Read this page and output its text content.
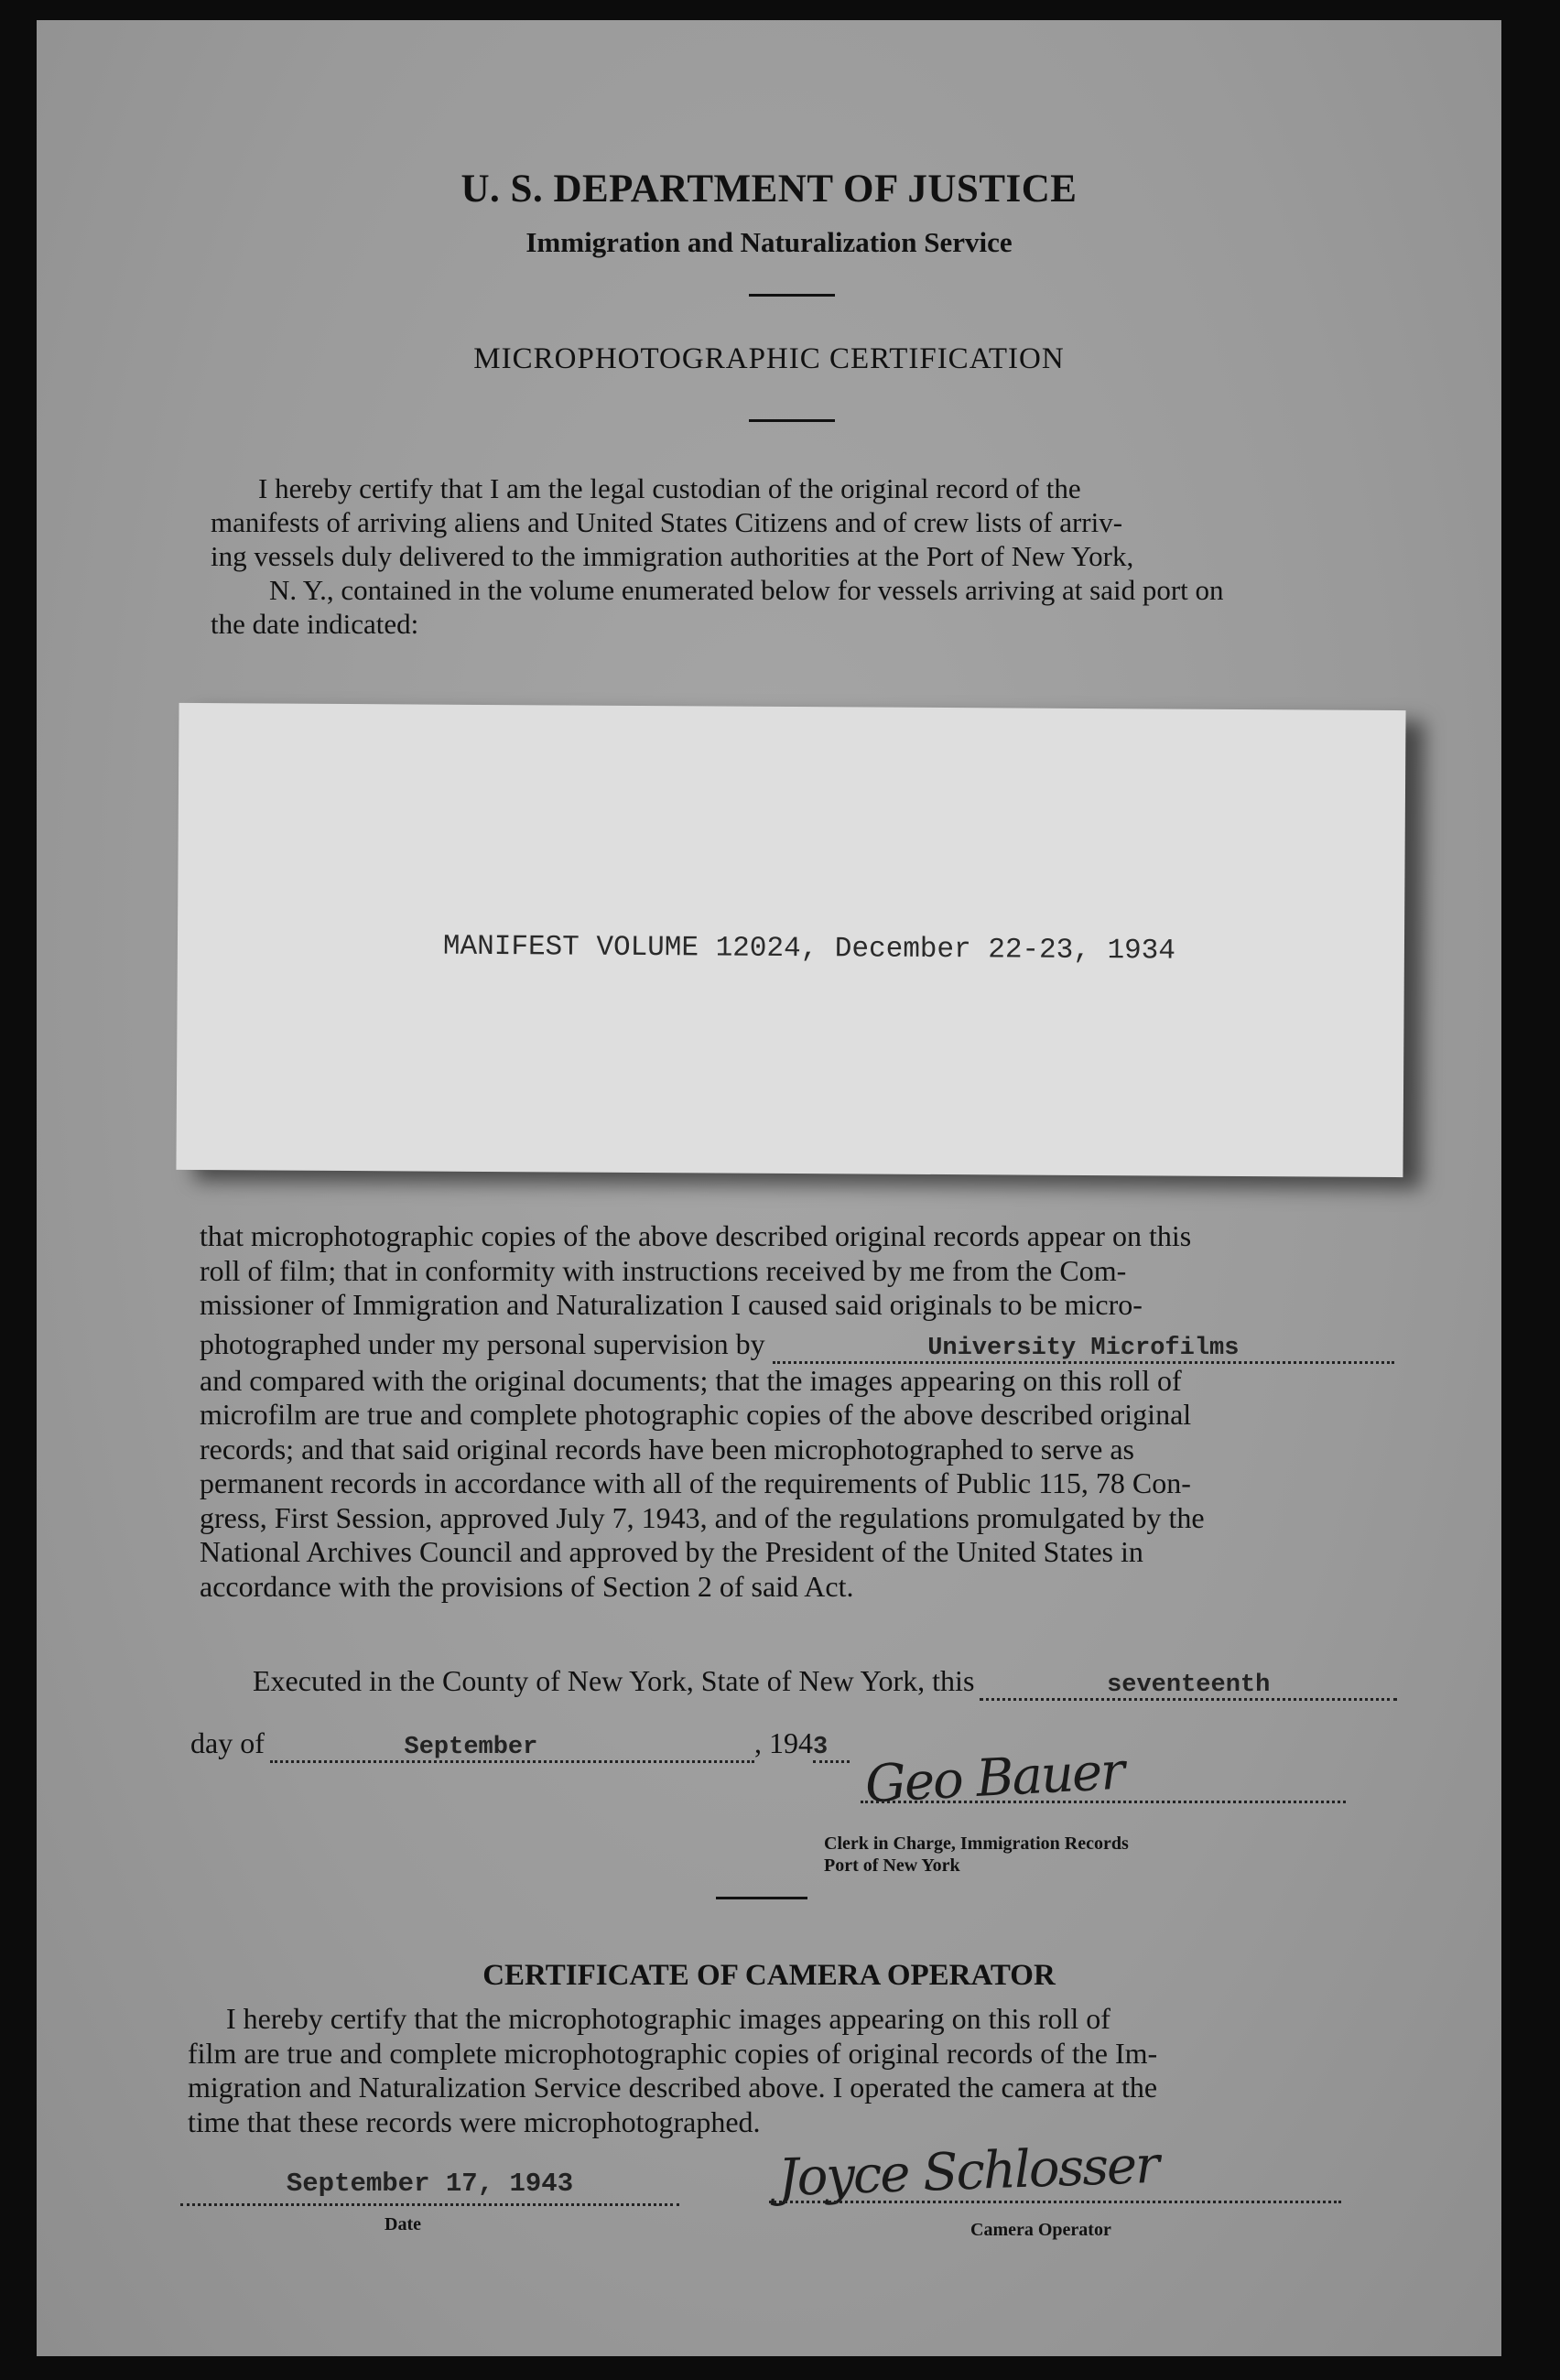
U. S. DEPARTMENT OF JUSTICE
Immigration and Naturalization Service
MICROPHOTOGRAPHIC CERTIFICATION
I hereby certify that I am the legal custodian of the original record of the
manifests of arriving aliens and United States Citizens and of crew lists of arriv-
ing vessels duly delivered to the immigration authorities at the Port of New York,
N. Y., contained in the volume enumerated below for vessels arriving at said port on
the date indicated:
MANIFEST VOLUME 12024, December 22-23, 1934
that microphotographic copies of the above described original records appear on this
roll of film; that in conformity with instructions received by me from the Com-
missioner of Immigration and Naturalization I caused said originals to be micro-
photographed under my personal supervision by	University Microfilms
and compared with the original documents; that the images appearing on this roll of
microfilm are true and complete photographic copies of the above described original
records; and that said original records have been microphotographed to serve as
permanent records in accordance with all of the requirements of Public 115, 78 Con-
gress, First Session, approved July 7, 1943, and of the regulations promulgated by the
National Archives Council and approved by the President of the United States in
accordance with the provisions of Section 2 of said Act.
Executed in the County of New York, State of New York, this	seventeenth
day of	September	, 194 3 Geo Bauer
Clerk in Charge, Immigration Records
Port of New York
CERTIFICATE OF CAMERA OPERATOR
I hereby certify that the microphotographic images appearing on this roll of
film are true and complete microphotographic copies of original records of the Im-
migration and Naturalization Service described above. I operated the camera at the
time that these records were microphotographed.
September 17, 1943
Date
Joyce Schlosser
Camera Operator
